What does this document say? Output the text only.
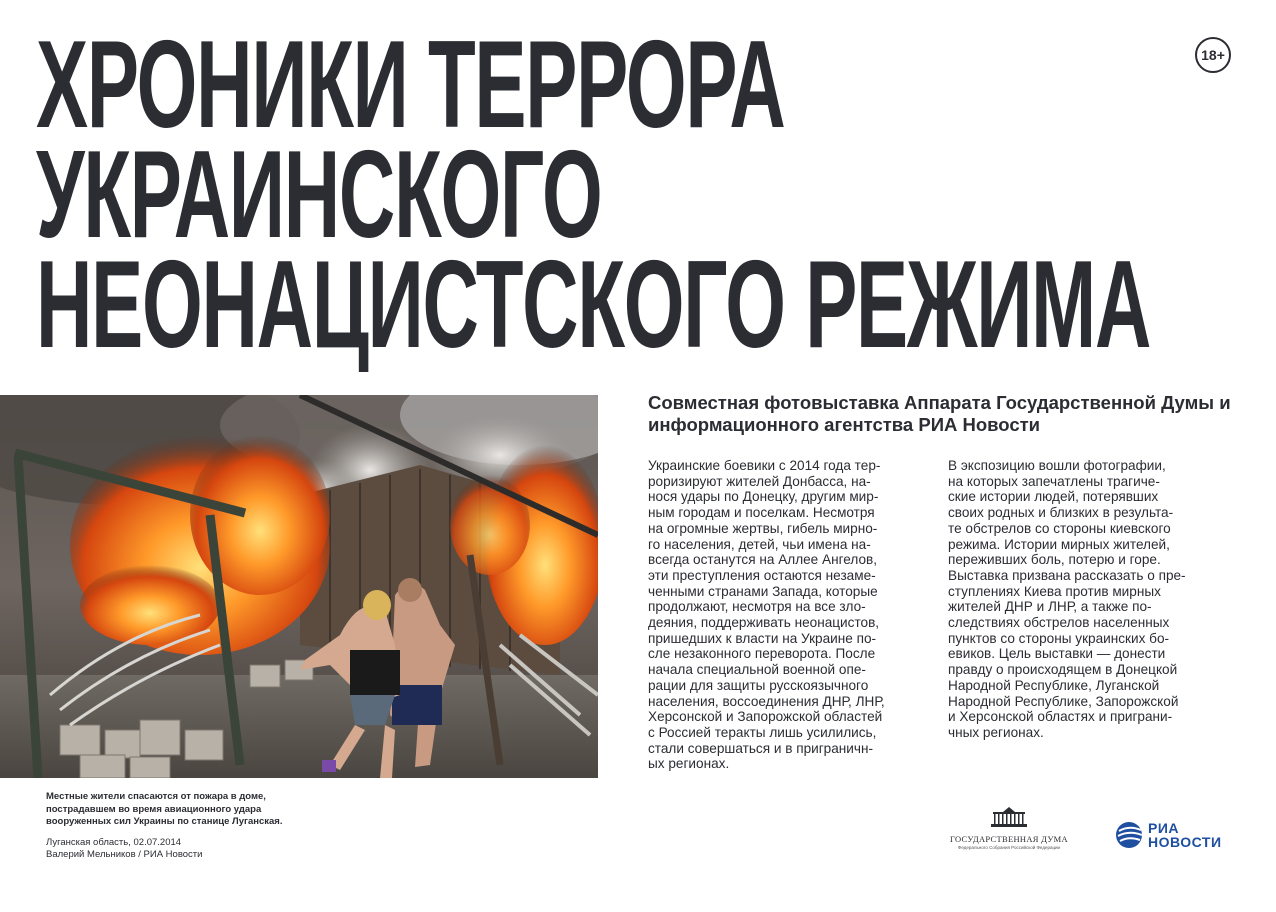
ХРОНИКИ ТЕРРОРА
УКРАИНСКОГО
НЕОНАЦИСТСКОГО РЕЖИМА
18+
Местные жители спасаются от пожара в доме,
пострадавшем во время авиационного удара
вооруженных сил Украины по станице Луганская.
Луганская область, 02.07.2014
Валерий Мельников / РИА Новости
Совместная фотовыставка Аппарата Государственной Думы и информационного агентства РИА Новости
Украинские боевики с 2014 года тер-
роризируют жителей Донбасса, на-
нося удары по Донецку, другим мир-
ным городам и поселкам. Несмотря
на огромные жертвы, гибель мирно-
го населения, детей, чьи имена на-
всегда останутся на Аллее Ангелов,
эти преступления остаются незаме-
ченными странами Запада, которые
продолжают, несмотря на все зло-
деяния, поддерживать неонацистов,
пришедших к власти на Украине по-
сле незаконного переворота. После
начала специальной военной опе-
рации для защиты русскоязычного
населения, воссоединения ДНР, ЛНР,
Херсонской и Запорожской областей
с Россией теракты лишь усилились,
стали совершаться и в приграничн-
ых регионах.
В экспозицию вошли фотографии,
на которых запечатлены трагиче-
ские истории людей, потерявших
своих родных и близких в результа-
те обстрелов со стороны киевского
режима. Истории мирных жителей,
переживших боль, потерю и горе.
Выставка призвана рассказать о пре-
ступлениях Киева против мирных
жителей ДНР и ЛНР, а также по-
следствиях обстрелов населенных
пунктов со стороны украинских бо-
евиков. Цель выставки — донести
правду о происходящем в Донецкой
Народной Республике, Луганской
Народной Республике, Запорожской
и Херсонской областях и приграни-
чных регионах.
ГОСУДАРСТВЕННАЯ ДУМА
Федерального Собрания Российской Федерации
РИА
НОВОСТИ
